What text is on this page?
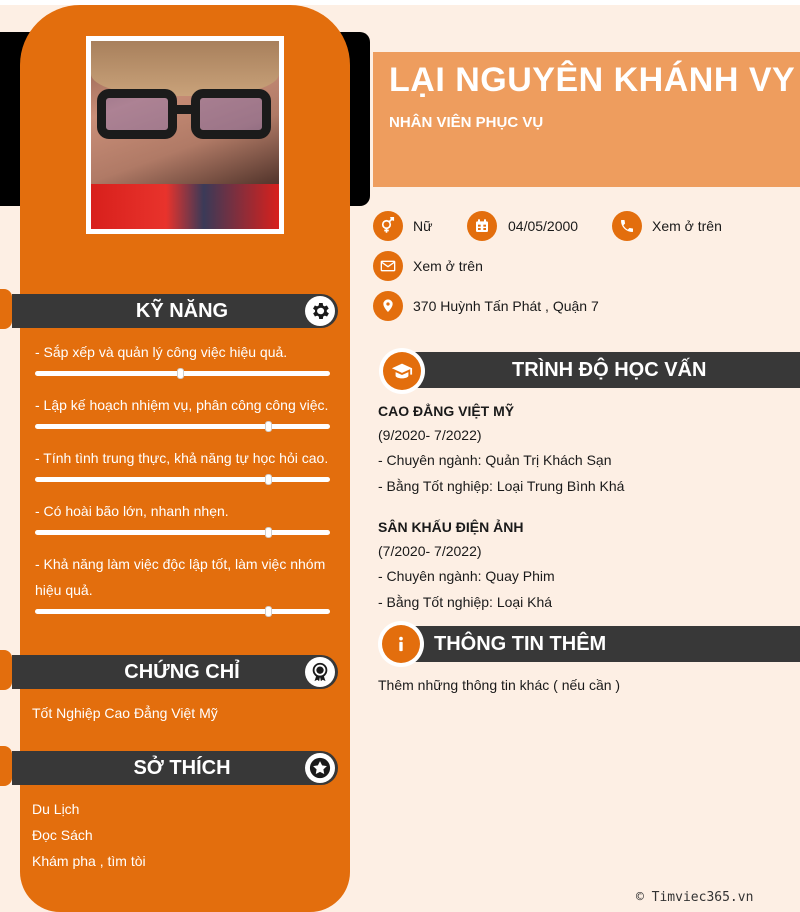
KỸ NĂNG
- Sắp xếp và quản lý công việc hiệu quả.
- Lập kế hoạch nhiệm vụ, phân công công việc.
- Tính tình trung thực, khả năng tự học hỏi cao.
- Có hoài bão lớn, nhanh nhẹn.
- Khả năng làm việc độc lập tốt, làm việc nhóm hiệu quả.
CHỨNG CHỈ
Tốt Nghiệp Cao Đẳng Việt Mỹ
SỞ THÍCH
Du Lịch
Đọc Sách
Khám pha , tìm tòi
LẠI NGUYÊN KHÁNH VY
NHÂN VIÊN PHỤC VỤ
Nữ	04/05/2000	Xem ở trên
Xem ở trên
370 Huỳnh Tấn Phát , Quận 7
TRÌNH ĐỘ HỌC VẤN
CAO ĐẲNG VIỆT MỸ
(9/2020- 7/2022)
- Chuyên ngành: Quản Trị Khách Sạn
- Bằng Tốt nghiệp: Loại Trung Bình Khá
SÂN KHẤU ĐIỆN ẢNH
(7/2020- 7/2022)
- Chuyên ngành: Quay Phim
- Bằng Tốt nghiệp: Loại Khá
THÔNG TIN THÊM
Thêm những thông tin khác ( nếu cần )
© Timviec365.vn
